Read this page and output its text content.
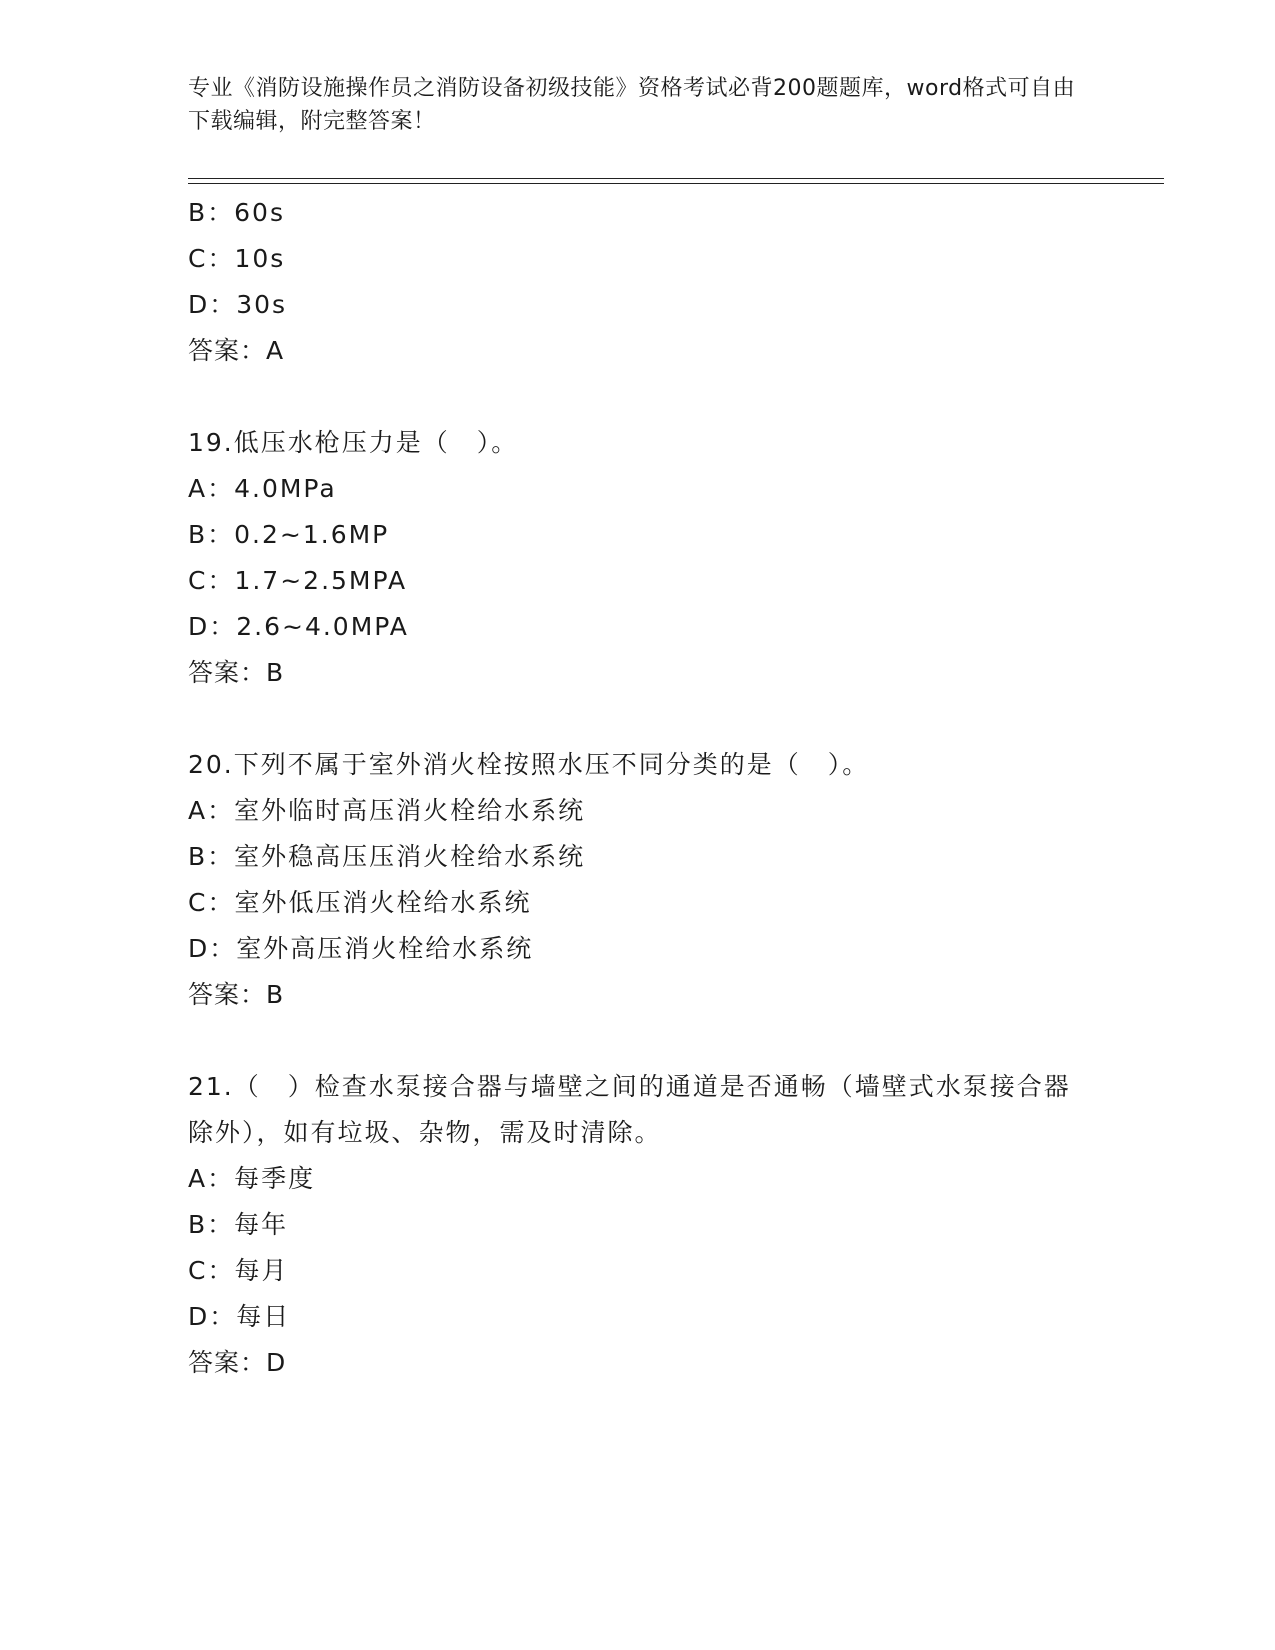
专业《消防设施操作员之消防设备初级技能》资格考试必背200题题库，word格式可自由下载编辑，附完整答案！
B：60s
C：10s
D：30s
答案：A
19.低压水枪压力是（　）。
A：4.0MPa
B：0.2~1.6MP
C：1.7~2.5MPA
D：2.6~4.0MPA
答案：B
20.下列不属于室外消火栓按照水压不同分类的是（　）。
A：室外临时高压消火栓给水系统
B：室外稳高压压消火栓给水系统
C：室外低压消火栓给水系统
D：室外高压消火栓给水系统
答案：B
21.（　）检查水泵接合器与墙壁之间的通道是否通畅（墙壁式水泵接合器除外），如有垃圾、杂物，需及时清除。
A：每季度
B：每年
C：每月
D：每日
答案：D
